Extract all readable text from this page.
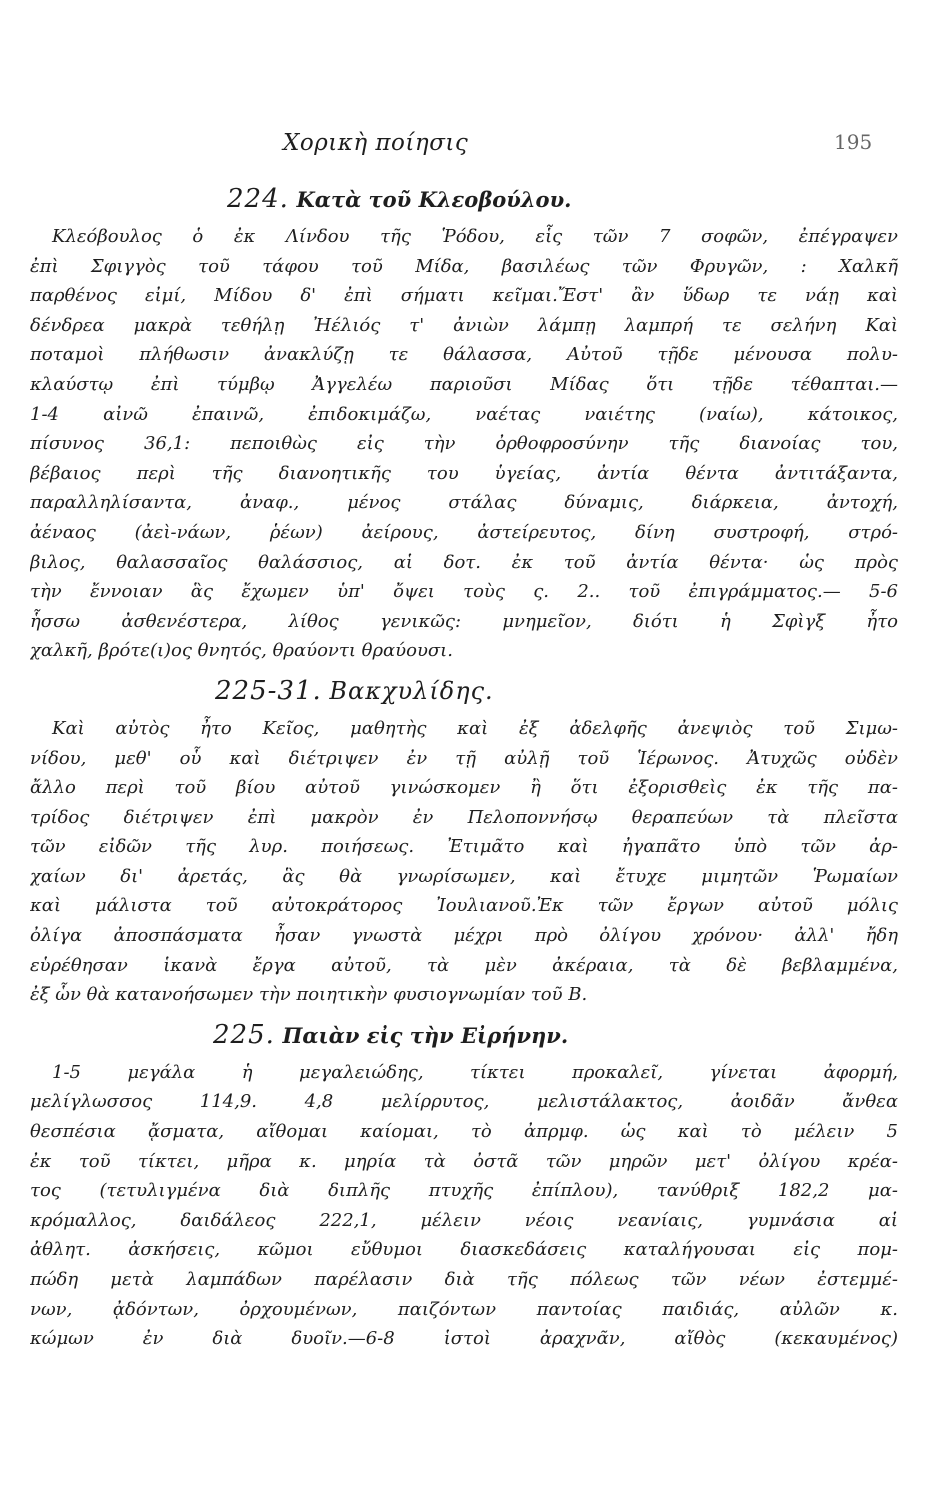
Χορικὴ ποίησις	195
224. Κατὰ τοῦ Κλεοβούλου.
Κλεόβουλος ὁ ἐκ Λίνδου τῆς Ῥόδου, εἷς τῶν 7 σοφῶν, ἐπέγραψεν
ἐπὶ Σφιγγὸς τοῦ τάφου τοῦ Μίδα, βασιλέως τῶν Φρυγῶν, : Χαλκῆ
παρθένος εἰμί, Μίδου δ' ἐπὶ σήματι κεῖμαι.Ἔστ' ἂν ὕδωρ τε νάῃ καὶ
δένδρεα μακρὰ τεθήλῃ Ἠέλιός τ' ἀνιὼν λάμπῃ λαμπρή τε σελήνη Καὶ
ποταμοὶ πλήθωσιν ἀνακλύζῃ τε θάλασσα, Αὐτοῦ τῇδε μένουσα πολυ-
κλαύστῳ ἐπὶ τύμβῳ Ἀγγελέω παριοῦσι Μίδας ὅτι τῇδε τέθαπται.—
1-4 αἰνῶ ἐπαινῶ, ἐπιδοκιμάζω, ναέτας ναιέτης (ναίω), κάτοικος,
πίσυνος 36,1: πεποιθὼς εἰς τὴν ὀρθοφροσύνην τῆς διανοίας του,
βέβαιος περὶ τῆς διανοητικῆς του ὑγείας, ἀντία θέντα ἀντιτάξαντα,
παραλληλίσαντα, ἀναφ., μένος στάλας δύναμις, διάρκεια, ἀντοχή,
ἀέναος (ἀεὶ-νάων, ῥέων) ἀείρους, ἀστείρευτος, δίνη συστροφή, στρό-
βιλος, θαλασσαῖος θαλάσσιος, αἱ δοτ. ἐκ τοῦ ἀντία θέντα· ὡς πρὸς
τὴν ἔννοιαν ἃς ἔχωμεν ὑπ' ὄψει τοὺς ς. 2.. τοῦ ἐπιγράμματος.— 5-6
ἧσσω ἀσθενέστερα, λίθος γενικῶς: μνημεῖον, διότι ἡ Σφὶγξ ἦτο
χαλκῆ, βρότε(ι)ος θνητός, θραύοντι θραύουσι.
225-31. Βακχυλίδης.
Καὶ αὐτὸς ἦτο Κεῖος, μαθητὴς καὶ ἐξ ἀδελφῆς ἀνεψιὸς τοῦ Σιμω-
νίδου, μεθ' οὗ καὶ διέτριψεν ἐν τῇ αὐλῇ τοῦ Ἱέρωνος. Ἀτυχῶς οὐδὲν
ἄλλο περὶ τοῦ βίου αὐτοῦ γινώσκομεν ἢ ὅτι ἐξορισθεὶς ἐκ τῆς πα-
τρίδος διέτριψεν ἐπὶ μακρὸν ἐν Πελοποννήσῳ θεραπεύων τὰ πλεῖστα
τῶν εἰδῶν τῆς λυρ. ποιήσεως. Ἐτιμᾶτο καὶ ἠγαπᾶτο ὑπὸ τῶν ἀρ-
χαίων δι' ἀρετάς, ἃς θὰ γνωρίσωμεν, καὶ ἔτυχε μιμητῶν Ῥωμαίων
καὶ μάλιστα τοῦ αὐτοκράτορος Ἰουλιανοῦ.Ἐκ τῶν ἔργων αὐτοῦ μόλις
ὀλίγα ἀποσπάσματα ἦσαν γνωστὰ μέχρι πρὸ ὀλίγου χρόνου· ἀλλ' ἤδη
εὑρέθησαν ἱκανὰ ἔργα αὐτοῦ, τὰ μὲν ἀκέραια, τὰ δὲ βεβλαμμένα,
ἐξ ὧν θὰ κατανοήσωμεν τὴν ποιητικὴν φυσιογνωμίαν τοῦ Β.
225. Παιὰν εἰς τὴν Εἰρήνην.
1-5 μεγάλα ἡ μεγαλειώδης, τίκτει προκαλεῖ, γίνεται ἀφορμή,
μελίγλωσσος 114,9. 4,8 μελίρρυτος, μελιστάλακτος, ἀοιδᾶν ἄνθεα
θεσπέσια ᾄσματα, αἴθομαι καίομαι, τὸ ἀπρμφ. ὡς καὶ τὸ μέλειν 5
ἐκ τοῦ τίκτει, μῆρα κ. μηρία τὰ ὀστᾶ τῶν μηρῶν μετ' ὀλίγου κρέα-
τος (τετυλιγμένα διὰ διπλῆς πτυχῆς ἐπίπλου), τανύθριξ 182,2 μα-
κρόμαλλος, δαιδάλεος 222,1, μέλειν νέοις νεανίαις, γυμνάσια αἱ
ἀθλητ. ἀσκήσεις, κῶμοι εὔθυμοι διασκεδάσεις καταλήγουσαι εἰς πομ-
πώδη μετὰ λαμπάδων παρέλασιν διὰ τῆς πόλεως τῶν νέων ἐστεμμέ-
νων, ᾀδόντων, ὀρχουμένων, παιζόντων παντοίας παιδιάς, αὐλῶν κ.
κώμων ἐν διὰ δυοῖν.—6-8 ἱστοὶ ἀραχνᾶν, αἴθὸς (κεκαυμένος)
